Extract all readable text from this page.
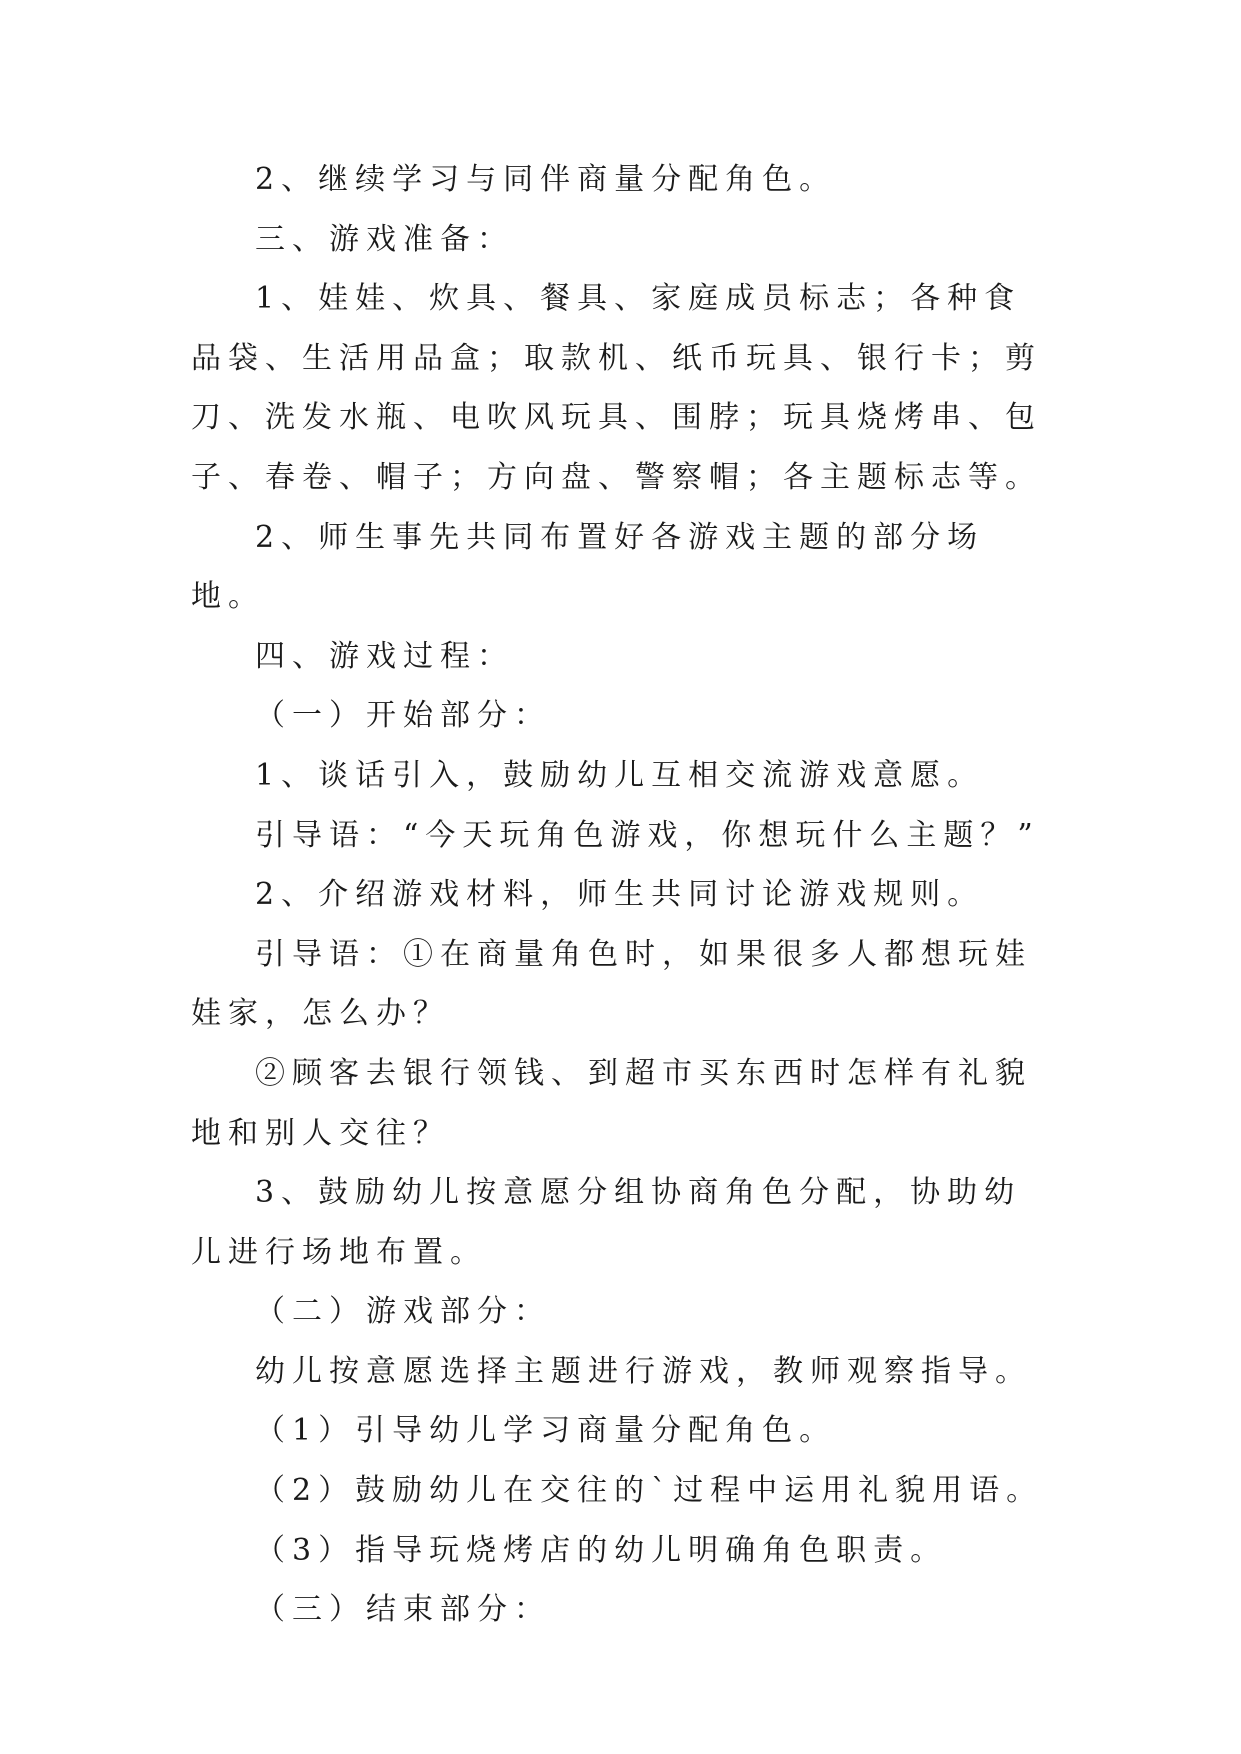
2、继续学习与同伴商量分配角色。

三、游戏准备：

1、娃娃、炊具、餐具、家庭成员标志；各种食品袋、生活用品盒；取款机、纸币玩具、银行卡；剪刀、洗发水瓶、电吹风玩具、围脖；玩具烧烤串、包子、春卷、帽子；方向盘、警察帽；各主题标志等。

2、师生事先共同布置好各游戏主题的部分场地。

四、游戏过程：

（一）开始部分：

1、谈话引入，鼓励幼儿互相交流游戏意愿。

引导语：“今天玩角色游戏，你想玩什么主题？”

2、介绍游戏材料，师生共同讨论游戏规则。

引导语：①在商量角色时，如果很多人都想玩娃娃家，怎么办？

②顾客去银行领钱、到超市买东西时怎样有礼貌地和别人交往？

3、鼓励幼儿按意愿分组协商角色分配，协助幼儿进行场地布置。

（二）游戏部分：

幼儿按意愿选择主题进行游戏，教师观察指导。

（1）引导幼儿学习商量分配角色。

（2）鼓励幼儿在交往的`过程中运用礼貌用语。

（3）指导玩烧烤店的幼儿明确角色职责。

（三）结束部分：
